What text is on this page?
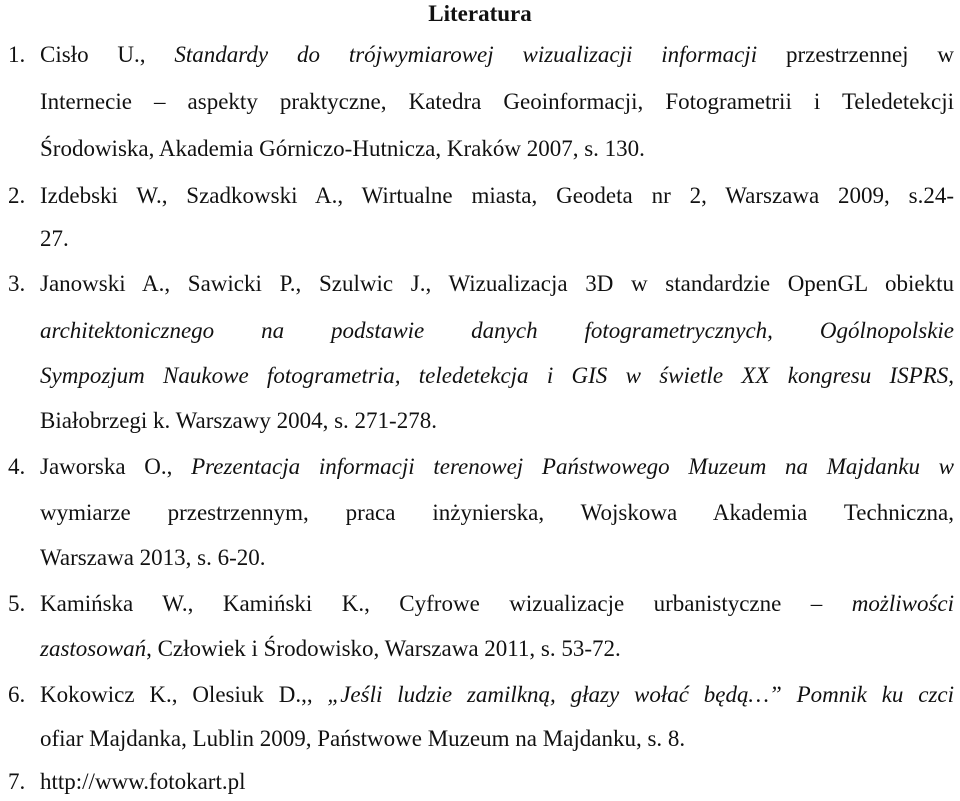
Literatura
1. Cisło U., Standardy do trójwymiarowej wizualizacji informacji przestrzennej w
Internecie – aspekty praktyczne, Katedra Geoinformacji, Fotogrametrii i Teledetekcji
Środowiska, Akademia Górniczo-Hutnicza, Kraków 2007, s. 130.
2. Izdebski W., Szadkowski A., Wirtualne miasta, Geodeta nr 2, Warszawa 2009, s.24-
27.
3. Janowski A., Sawicki P., Szulwic J., Wizualizacja 3D w standardzie OpenGL obiektu
architektonicznego na podstawie danych fotogrametrycznych, Ogólnopolskie
Sympozjum Naukowe fotogrametria, teledetekcja i GIS w świetle XX kongresu ISPRS,
Białobrzegi k. Warszawy 2004, s. 271-278.
4. Jaworska O., Prezentacja informacji terenowej Państwowego Muzeum na Majdanku w
wymiarze przestrzennym, praca inżynierska, Wojskowa Akademia Techniczna,
Warszawa 2013, s. 6-20.
5. Kamińska W., Kamiński K., Cyfrowe wizualizacje urbanistyczne – możliwości
zastosowań, Człowiek i Środowisko, Warszawa 2011, s. 53-72.
6. Kokowicz K., Olesiuk D.,, „Jeśli ludzie zamilkną, głazy wołać będą…” Pomnik ku czci
ofiar Majdanka, Lublin 2009, Państwowe Muzeum na Majdanku, s. 8.
7. http://www.fotokart.pl
